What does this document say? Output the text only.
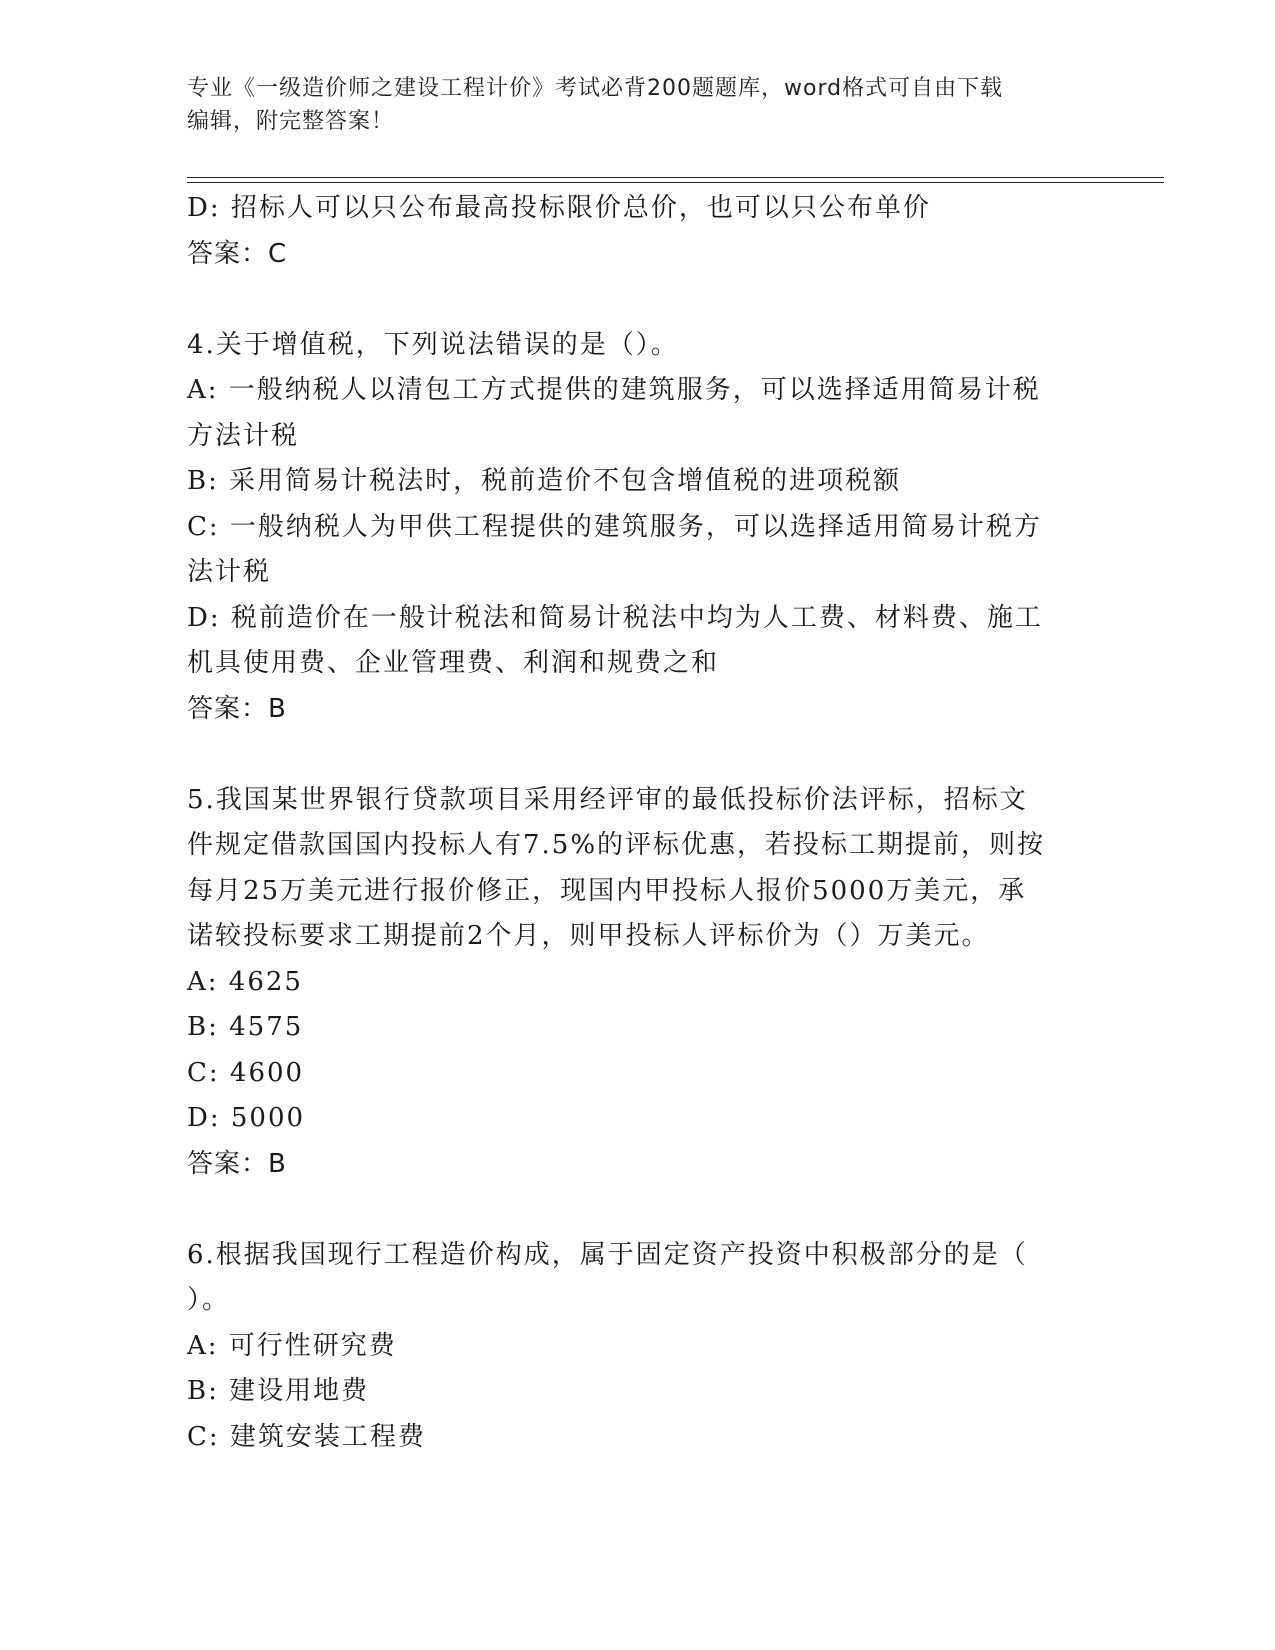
专业《一级造价师之建设工程计价》考试必背200题题库，word格式可自由下载
编辑，附完整答案！
D: 招标人可以只公布最高投标限价总价，也可以只公布单价
答案：C
4.关于增值税，下列说法错误的是（）。
A: 一般纳税人以清包工方式提供的建筑服务，可以选择适用简易计税
方法计税
B: 采用简易计税法时，税前造价不包含增值税的进项税额
C: 一般纳税人为甲供工程提供的建筑服务，可以选择适用简易计税方
法计税
D: 税前造价在一般计税法和简易计税法中均为人工费、材料费、施工
机具使用费、企业管理费、利润和规费之和
答案：B
5.我国某世界银行贷款项目采用经评审的最低投标价法评标，招标文
件规定借款国国内投标人有7.5%的评标优惠，若投标工期提前，则按
每月25万美元进行报价修正，现国内甲投标人报价5000万美元，承
诺较投标要求工期提前2个月，则甲投标人评标价为（）万美元。
A: 4625
B: 4575
C: 4600
D: 5000
答案：B
6.根据我国现行工程造价构成，属于固定资产投资中积极部分的是（
）。
A: 可行性研究费
B: 建设用地费
C: 建筑安装工程费
